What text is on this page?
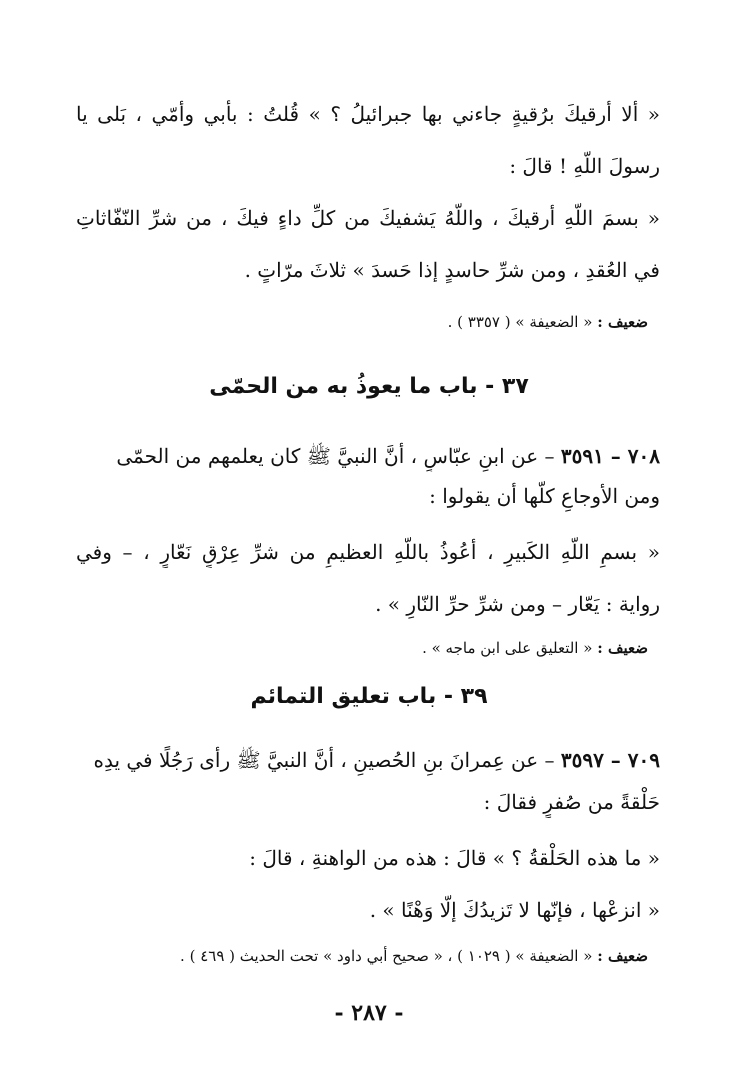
« ألا أرقيكَ برُقيةٍ جاءني بها جبرائيلُ ؟ » قُلتُ : بأبي وأمّي ، بَلى يا
رسولَ اللّهِ ! قالَ :
« بسمَ اللّهِ أرقيكَ ، واللّهُ يَشفيكَ من كلِّ داءٍ فيكَ ، من شرِّ النّفّاثاتِ
في العُقدِ ، ومن شرِّ حاسدٍ إذا حَسدَ » ثلاثَ مرّاتٍ .
ضعيف : « الضعيفة » ( ٣٣٥٧ ) .
٣٧ - باب ما يعوذُ به من الحمّى
٧٠٨ – ٣٥٩١ – عن ابنِ عبّاسٍ ، أنَّ النبيَّ ﷺ كان يعلمهم من الحمّى
ومن الأوجاعِ كلّها أن يقولوا :
« بسمِ اللّهِ الكَبيرِ ، أعُوذُ باللّهِ العظيمِ من شرِّ عِرْقٍ نَعّارٍ ، – وفي
رواية : يَعّار – ومن شرِّ حرِّ النّارِ » .
ضعيف : « التعليق على ابن ماجه » .
٣٩ - باب تعليق التمائم
٧٠٩ – ٣٥٩٧ – عن عِمرانَ بنِ الحُصينِ ، أنَّ النبيَّ ﷺ رأى رَجُلًا في يدِه
حَلْقةً من صُفرٍ فقالَ :
« ما هذه الحَلْقةُ ؟ » قالَ : هذه من الواهنةِ ، قالَ :
« انزعْها ، فإنّها لا تَزيدُكَ إلّا وَهْنًا » .
ضعيف : « الضعيفة » ( ١٠٢٩ ) ، « صحيح أبي داود » تحت الحديث ( ٤٦٩ ) .
- ٢٨٧ -
